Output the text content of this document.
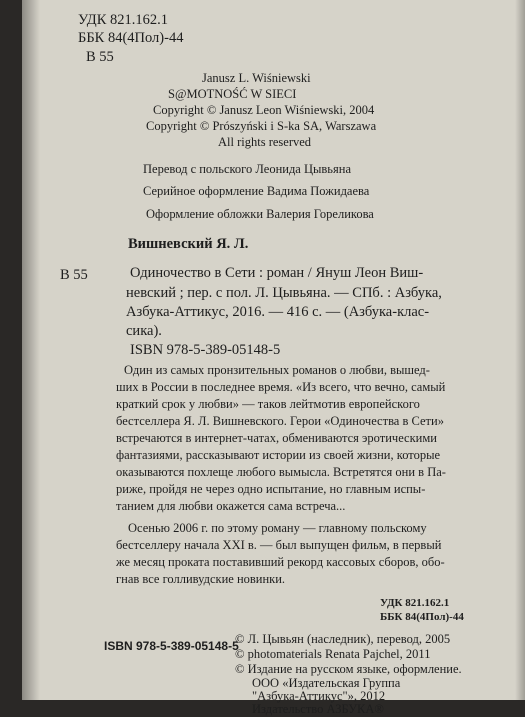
УДК 821.162.1
ББК 84(4Пол)-44
В 55
Janusz L. Wiśniewski
S@MOTNOŚĆ W SIECI
Copyright © Janusz Leon Wiśniewski, 2004
Copyright © Prószyński i S-ka SA, Warszawa
All rights reserved
Перевод с польского Леонида Цывьяна
Серийное оформление Вадима Пожидаева
Оформление обложки Валерия Гореликова
Вишневский Я. Л.
В 55	Одиночество в Сети : роман / Януш Леон Виш-
невский ; пер. с пол. Л. Цывьяна. — СПб. : Азбука,
Азбука-Аттикус, 2016. — 416 с. — (Азбука-клас-
сика).
ISBN 978-5-389-05148-5
Один из самых пронзительных романов о любви, вышед-
ших в России в последнее время. «Из всего, что вечно, самый
краткий срок у любви» — таков лейтмотив европейского
бестселлера Я. Л. Вишневского. Герои «Одиночества в Сети»
встречаются в интернет-чатах, обмениваются эротическими
фантазиями, рассказывают истории из своей жизни, которые
оказываются похлеще любого вымысла. Встретятся они в Па-
риже, пройдя не через одно испытание, но главным испы-
танием для любви окажется сама встреча...
Осенью 2006 г. по этому роману — главному польскому
бестселлеру начала XXI в. — был выпущен фильм, в первый
же месяц проката поставивший рекорд кассовых сборов, обо-
гнав все голливудские новинки.
УДК 821.162.1
ББК 84(4Пол)-44
© Л. Цывьян (наследник), перевод, 2005
© photomaterials Renata Pajchel, 2011
© Издание на русском языке, оформление.
ООО «Издательская Группа
"Азбука-Аттикус"», 2012
Издательство АЗБУКА®
ISBN 978-5-389-05148-5
